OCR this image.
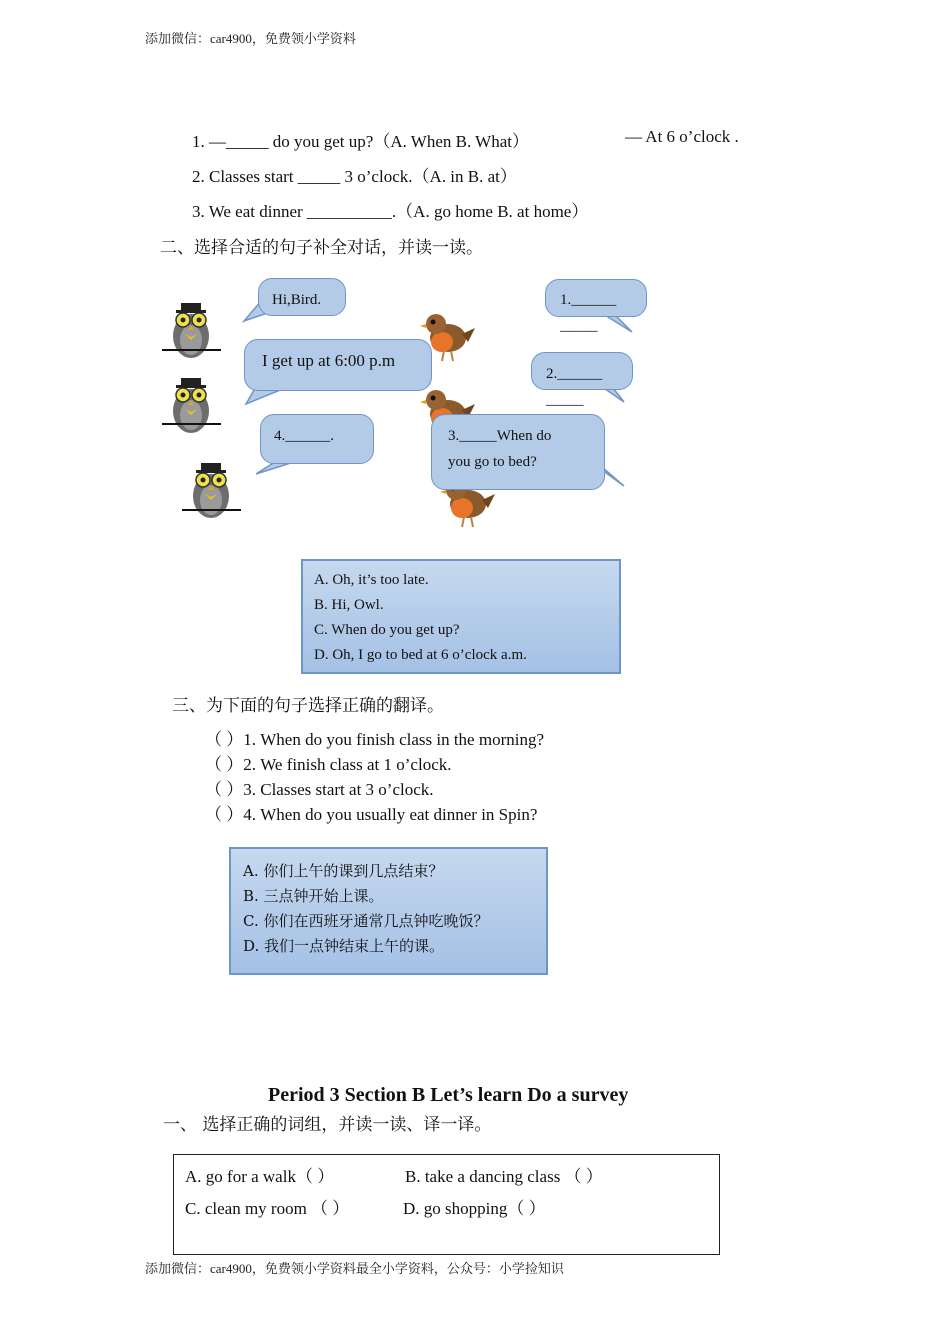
添加微信：car4900，免费领小学资料
1. —_____ do you get up?（A. When B. What）	— At 6 o’clock .
2. Classes start _____ 3 o’clock.（A. in B. at）
3. We eat dinner __________.（A. go home B. at home）
二、选择合适的句子补全对话，并读一读。
Hi,Bird.
I get up at 6:00 p.m
4.______.
1.______
_____
2.______
_____
3._____When do
you go to bed?
A. Oh, it’s too late.
B. Hi, Owl.
C. When do you get up?
D. Oh, I go to bed at 6 o’clock a.m.
三、为下面的句子选择正确的翻译。
（ ）1. When do you finish class in the morning?
（ ）2. We finish class at 1 o’clock.
（ ）3. Classes start at 3 o’clock.
（ ）4. When do you usually eat dinner in Spin?
A. 你们上午的课到几点结束？
B. 三点钟开始上课。
C. 你们在西班牙通常几点钟吃晚饭？
D. 我们一点钟结束上午的课。
Period 3 Section B Let’s learn Do a survey
一、 选择正确的词组，并读一读、译一译。
A. go for a walk（ ）	B. take a dancing class （ ）
C. clean my room （ ）	D. go shopping（ ）
添加微信：car4900，免费领小学资料最全小学资料，公众号：小学捡知识
